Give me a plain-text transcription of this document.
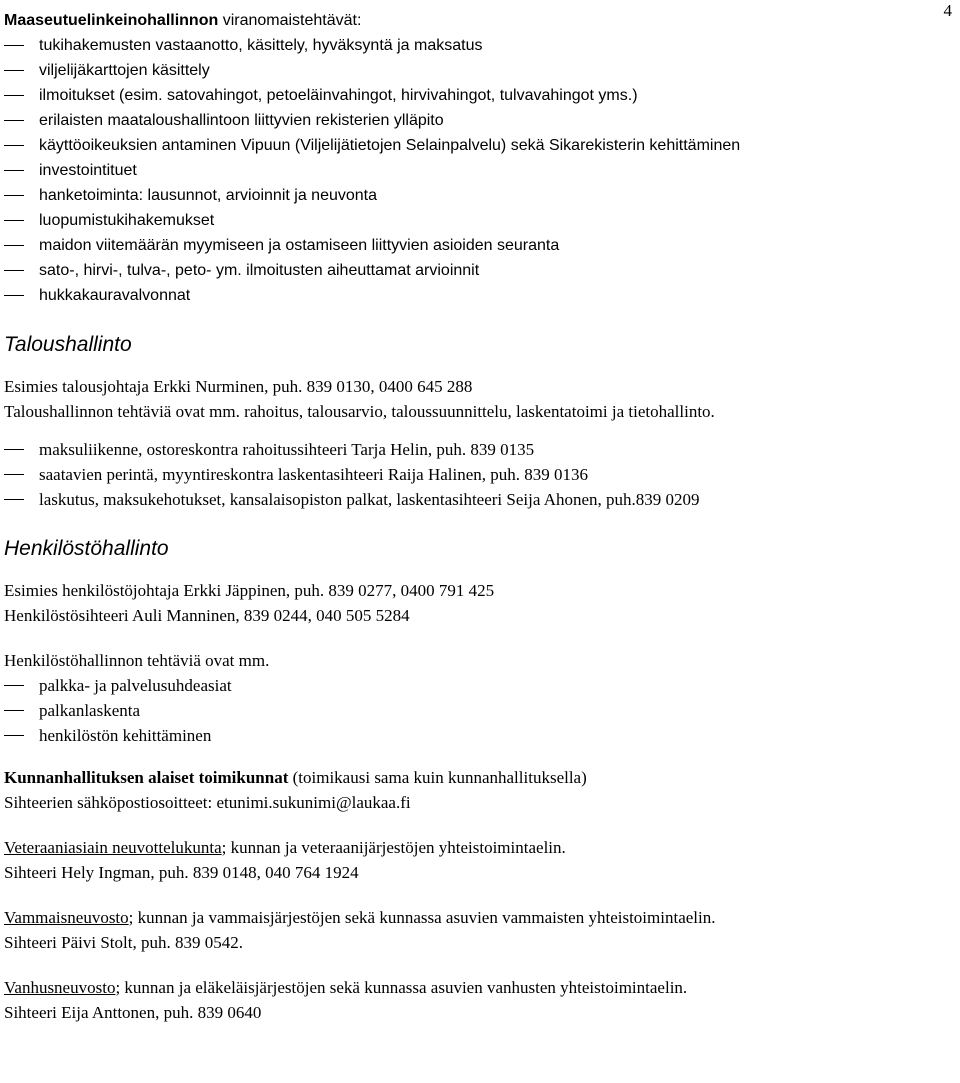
4
Maaseutuelinkeinohallinnon viranomaistehtävät:
tukihakemusten vastaanotto, käsittely, hyväksyntä ja maksatus
viljelijäkarttojen käsittely
ilmoitukset (esim. satovahingot, petoeläinvahingot, hirvivahingot, tulvavahingot yms.)
erilaisten maataloushallintoon liittyvien rekisterien ylläpito
käyttöoikeuksien antaminen Vipuun (Viljelijätietojen Selainpalvelu) sekä Sikarekisterin kehittäminen
investointituet
hanketoiminta: lausunnot, arvioinnit ja neuvonta
luopumistukihakemukset
maidon viitemäärän myymiseen ja ostamiseen liittyvien asioiden seuranta
sato-, hirvi-, tulva-, peto- ym. ilmoitusten aiheuttamat arvioinnit
hukkakauravalvonnat
Taloushallinto
Esimies talousjohtaja Erkki Nurminen, puh. 839 0130, 0400 645 288
Taloushallinnon tehtäviä ovat mm. rahoitus, talousarvio, taloussuunnittelu, laskentatoimi ja tietohallinto.
maksuliikenne, ostoreskontra rahoitussihteeri Tarja Helin, puh. 839 0135
saatavien perintä, myyntireskontra laskentasihteeri Raija Halinen, puh. 839 0136
laskutus, maksukehotukset, kansalaisopiston palkat, laskentasihteeri Seija Ahonen, puh.839 0209
Henkilöstöhallinto
Esimies henkilöstöjohtaja Erkki Jäppinen, puh. 839 0277, 0400 791 425
Henkilöstösihteeri Auli Manninen, 839 0244, 040 505 5284
Henkilöstöhallinnon tehtäviä ovat mm.
palkka- ja palvelusuhdeasiat
palkanlaskenta
henkilöstön kehittäminen
Kunnanhallituksen alaiset toimikunnat (toimikausi sama kuin kunnanhallituksella)
Sihteerien sähköpostiosoitteet: etunimi.sukunimi@laukaa.fi
Veteraaniasiain neuvottelukunta; kunnan ja veteraanijärjestöjen yhteistoimintaelin.
Sihteeri Hely Ingman, puh. 839 0148, 040 764 1924
Vammaisneuvosto; kunnan ja vammaisjärjestöjen sekä kunnassa asuvien vammaisten yhteistoimintaelin.
Sihteeri Päivi Stolt, puh. 839 0542.
Vanhusneuvosto; kunnan ja eläkeläisjärjestöjen sekä kunnassa asuvien vanhusten yhteistoimintaelin.
Sihteeri Eija Anttonen, puh. 839 0640
